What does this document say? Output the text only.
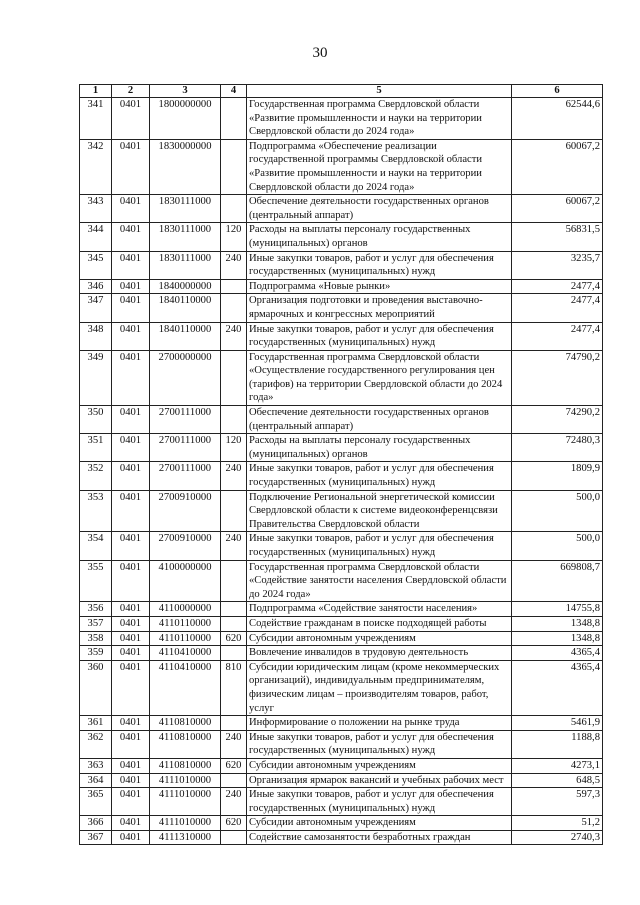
30
1	2	3	4	5	6
341	0401	1800000000		Государственная программа Свердловской области «Развитие промышленности и науки на территории Свердловской области до 2024 года»	62544,6
342	0401	1830000000		Подпрограмма «Обеспечение реализации государственной программы Свердловской области «Развитие промышленности и науки на территории Свердловской области до 2024 года»	60067,2
343	0401	1830111000		Обеспечение деятельности государственных органов (центральный аппарат)	60067,2
344	0401	1830111000	120	Расходы на выплаты персоналу государственных (муниципальных) органов	56831,5
345	0401	1830111000	240	Иные закупки товаров, работ и услуг для обеспечения государственных (муниципальных) нужд	3235,7
346	0401	1840000000		Подпрограмма «Новые рынки»	2477,4
347	0401	1840110000		Организация подготовки и проведения выставочно-ярмарочных и конгрессных мероприятий	2477,4
348	0401	1840110000	240	Иные закупки товаров, работ и услуг для обеспечения государственных (муниципальных) нужд	2477,4
349	0401	2700000000		Государственная программа Свердловской области «Осуществление государственного регулирования цен (тарифов) на территории Свердловской области до 2024 года»	74790,2
350	0401	2700111000		Обеспечение деятельности государственных органов (центральный аппарат)	74290,2
351	0401	2700111000	120	Расходы на выплаты персоналу государственных (муниципальных) органов	72480,3
352	0401	2700111000	240	Иные закупки товаров, работ и услуг для обеспечения государственных (муниципальных) нужд	1809,9
353	0401	2700910000		Подключение Региональной энергетической комиссии Свердловской области к системе видеоконференцсвязи Правительства Свердловской области	500,0
354	0401	2700910000	240	Иные закупки товаров, работ и услуг для обеспечения государственных (муниципальных) нужд	500,0
355	0401	4100000000		Государственная программа Свердловской области «Содействие занятости населения Свердловской области до 2024 года»	669808,7
356	0401	4110000000		Подпрограмма «Содействие занятости населения»	14755,8
357	0401	4110110000		Содействие гражданам в поиске подходящей работы	1348,8
358	0401	4110110000	620	Субсидии автономным учреждениям	1348,8
359	0401	4110410000		Вовлечение инвалидов в трудовую деятельность	4365,4
360	0401	4110410000	810	Субсидии юридическим лицам (кроме некоммерческих организаций), индивидуальным предпринимателям, физическим лицам – производителям товаров, работ, услуг	4365,4
361	0401	4110810000		Информирование о положении на рынке труда	5461,9
362	0401	4110810000	240	Иные закупки товаров, работ и услуг для обеспечения государственных (муниципальных) нужд	1188,8
363	0401	4110810000	620	Субсидии автономным учреждениям	4273,1
364	0401	4111010000		Организация ярмарок вакансий и учебных рабочих мест	648,5
365	0401	4111010000	240	Иные закупки товаров, работ и услуг для обеспечения государственных (муниципальных) нужд	597,3
366	0401	4111010000	620	Субсидии автономным учреждениям	51,2
367	0401	4111310000		Содействие самозанятости безработных граждан	2740,3
